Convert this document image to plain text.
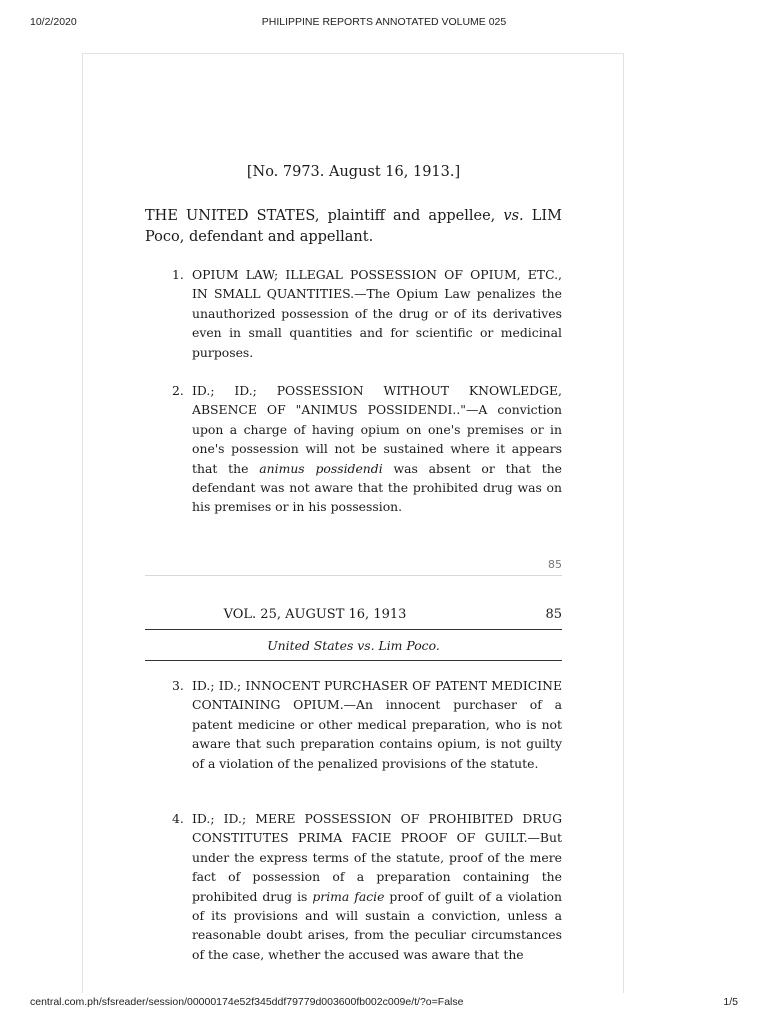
10/2/2020	PHILIPPINE REPORTS ANNOTATED VOLUME 025
[No. 7973. August 16, 1913.]
THE UNITED STATES, plaintiff and appellee, vs. LIM Poco, defendant and appellant.
1. OPIUM LAW; ILLEGAL POSSESSION OF OPIUM, ETC., IN SMALL QUANTITIES.—The Opium Law penalizes the unauthorized possession of the drug or of its derivatives even in small quantities and for scientific or medicinal purposes.
2. ID.; ID.; POSSESSION WITHOUT KNOWLEDGE, ABSENCE OF "ANIMUS POSSIDENDI.."—A conviction upon a charge of having opium on one's premises or in one's possession will not be sustained where it appears that the animus possidendi was absent or that the defendant was not aware that the prohibited drug was on his premises or in his possession.
85
VOL. 25, AUGUST 16, 1913	85
United States vs. Lim Poco.
3. ID.; ID.; INNOCENT PURCHASER OF PATENT MEDICINE CONTAINING OPIUM.—An innocent purchaser of a patent medicine or other medical preparation, who is not aware that such preparation contains opium, is not guilty of a violation of the penalized provisions of the statute.
4. ID.; ID.; MERE POSSESSION OF PROHIBITED DRUG CONSTITUTES PRIMA FACIE PROOF OF GUILT.—But under the express terms of the statute, proof of the mere fact of possession of a preparation containing the prohibited drug is prima facie proof of guilt of a violation of its provisions and will sustain a conviction, unless a reasonable doubt arises, from the peculiar circumstances of the case, whether the accused was aware that the
central.com.ph/sfsreader/session/00000174e52f345ddf79779d003600fb002c009e/t/?o=False	1/5
